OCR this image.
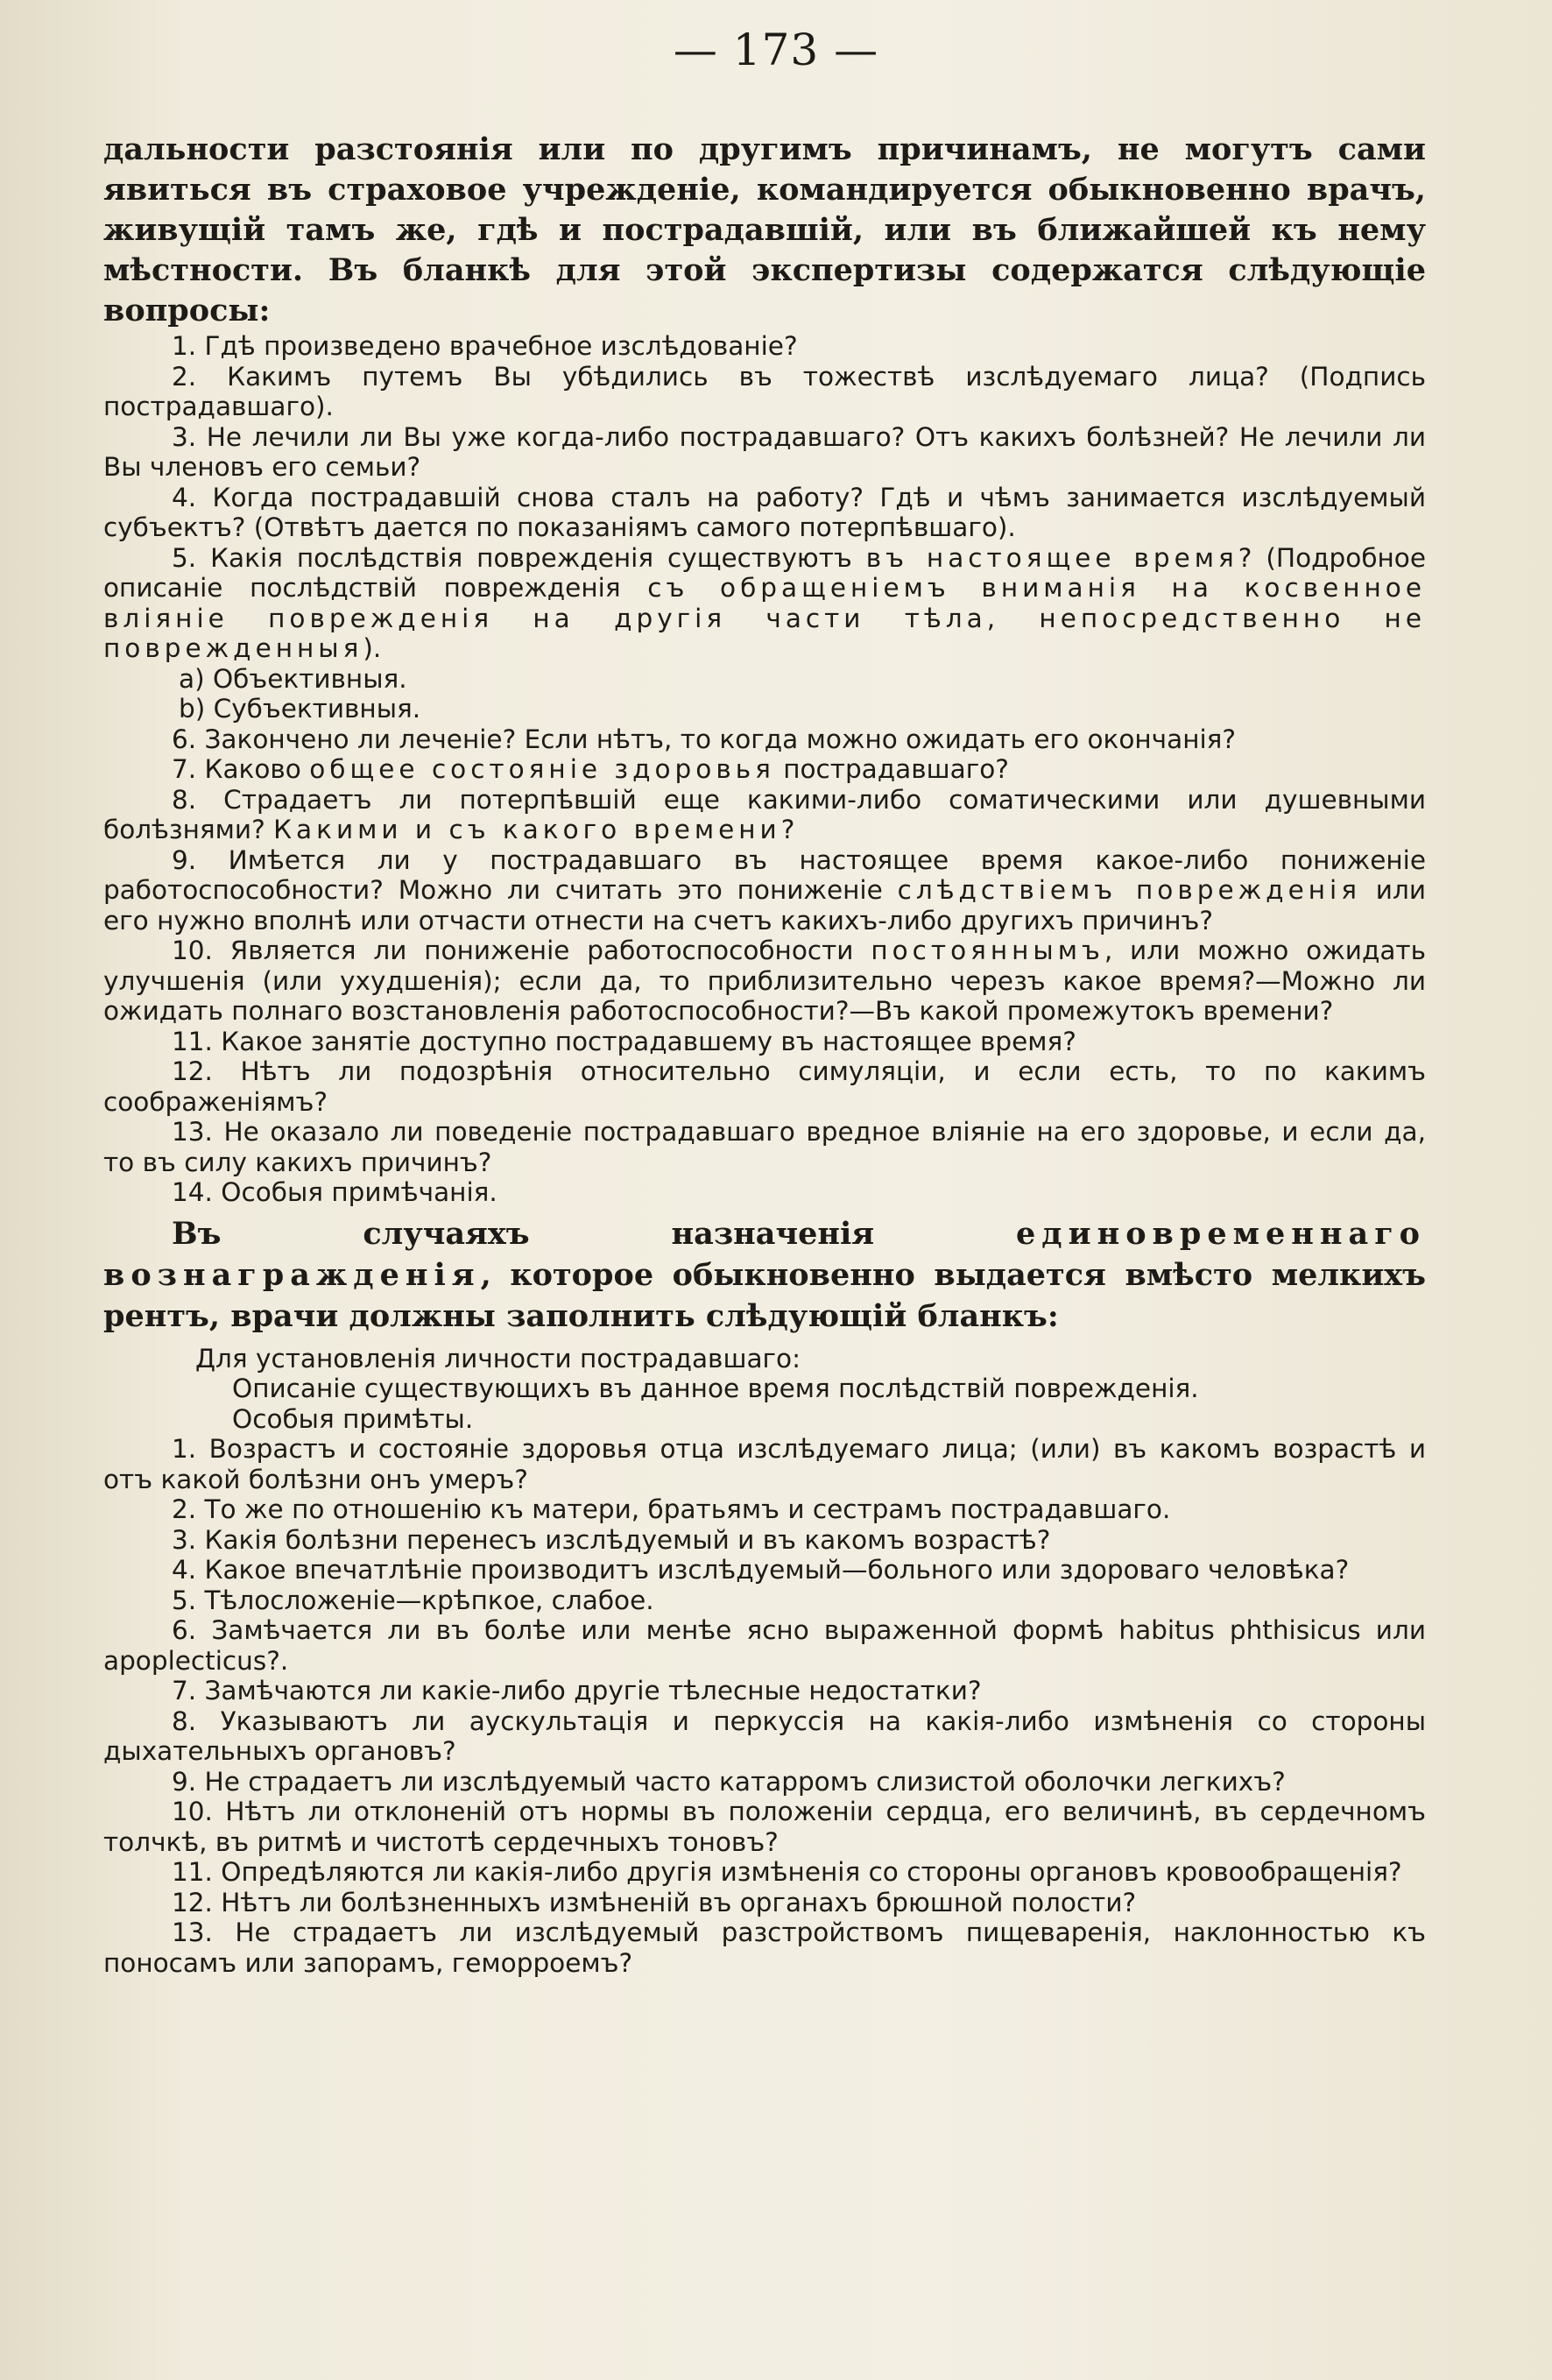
— 173 —

дальности разстоянія или по другимъ причинамъ, не могутъ сами явиться въ страховое учрежденіе, командируется обыкновенно врачъ, живущій тамъ же, гдѣ и пострадавшій, или въ ближайшей къ нему мѣстности. Въ бланкѣ для этой экспертизы содержатся слѣдующіе вопросы:

1. Гдѣ произведено врачебное изслѣдованіе?

2. Какимъ путемъ Вы убѣдились въ тожествѣ изслѣдуемаго лица? (Подпись пострадавшаго).

3. Не лечили ли Вы уже когда-либо пострадавшаго? Отъ какихъ болѣзней? Не лечили ли Вы членовъ его семьи?

4. Когда пострадавшій снова сталъ на работу? Гдѣ и чѣмъ занимается изслѣдуемый субъектъ? (Отвѣтъ дается по показаніямъ самого потерпѣвшаго).

5. Какія послѣдствія поврежденія существуютъ въ настоящее время? (Подробное описаніе послѣдствій поврежденія съ обращеніемъ вниманія на косвенное вліяніе поврежденія на другія части тѣла, непосредственно не поврежденныя).

a) Объективныя.

b) Субъективныя.

6. Закончено ли леченіе? Если нѣтъ, то когда можно ожидать его окончанія?

7. Каково общее состояніе здоровья пострадавшаго?

8. Страдаетъ ли потерпѣвшій еще какими-либо соматическими или душевными болѣзнями? Какими и съ какого времени?

9. Имѣется ли у пострадавшаго въ настоящее время какое-либо пониженіе работоспособности? Можно ли считать это пониженіе слѣдствіемъ поврежденія или его нужно вполнѣ или отчасти отнести на счетъ какихъ-либо другихъ причинъ?

10. Является ли пониженіе работоспособности постояннымъ, или можно ожидать улучшенія (или ухудшенія); если да, то приблизительно черезъ какое время?—Можно ли ожидать полнаго возстановленія работоспособности?—Въ какой промежутокъ времени?

11. Какое занятіе доступно пострадавшему въ настоящее время?

12. Нѣтъ ли подозрѣнія относительно симуляціи, и если есть, то по какимъ соображеніямъ?

13. Не оказало ли поведеніе пострадавшаго вредное вліяніе на его здоровье, и если да, то въ силу какихъ причинъ?

14. Особыя примѣчанія.

Въ случаяхъ назначенія единовременнаго вознагражденія, которое обыкновенно выдается вмѣсто мелкихъ рентъ, врачи должны заполнить слѣдующій бланкъ:

Для установленія личности пострадавшаго:

Описаніе существующихъ въ данное время послѣдствій поврежденія.

Особыя примѣты.

1. Возрастъ и состояніе здоровья отца изслѣдуемаго лица; (или) въ какомъ возрастѣ и отъ какой болѣзни онъ умеръ?

2. То же по отношенію къ матери, братьямъ и сестрамъ пострадавшаго.

3. Какія болѣзни перенесъ изслѣдуемый и въ какомъ возрастѣ?

4. Какое впечатлѣніе производитъ изслѣдуемый—больного или здороваго человѣка?

5. Тѣлосложеніе—крѣпкое, слабое.

6. Замѣчается ли въ болѣе или менѣе ясно выраженной формѣ habitus phthisicus или apoplecticus?.

7. Замѣчаются ли какіе-либо другіе тѣлесные недостатки?

8. Указываютъ ли аускультація и перкуссія на какія-либо измѣненія со стороны дыхательныхъ органовъ?

9. Не страдаетъ ли изслѣдуемый часто катарромъ слизистой оболочки легкихъ?

10. Нѣтъ ли отклоненій отъ нормы въ положеніи сердца, его величинѣ, въ сердечномъ толчкѣ, въ ритмѣ и чистотѣ сердечныхъ тоновъ?

11. Опредѣляются ли какія-либо другія измѣненія со стороны органовъ кровообращенія?

12. Нѣтъ ли болѣзненныхъ измѣненій въ органахъ брюшной полости?

13. Не страдаетъ ли изслѣдуемый разстройствомъ пищеваренія, наклонностью къ поносамъ или запорамъ, геморроемъ?
